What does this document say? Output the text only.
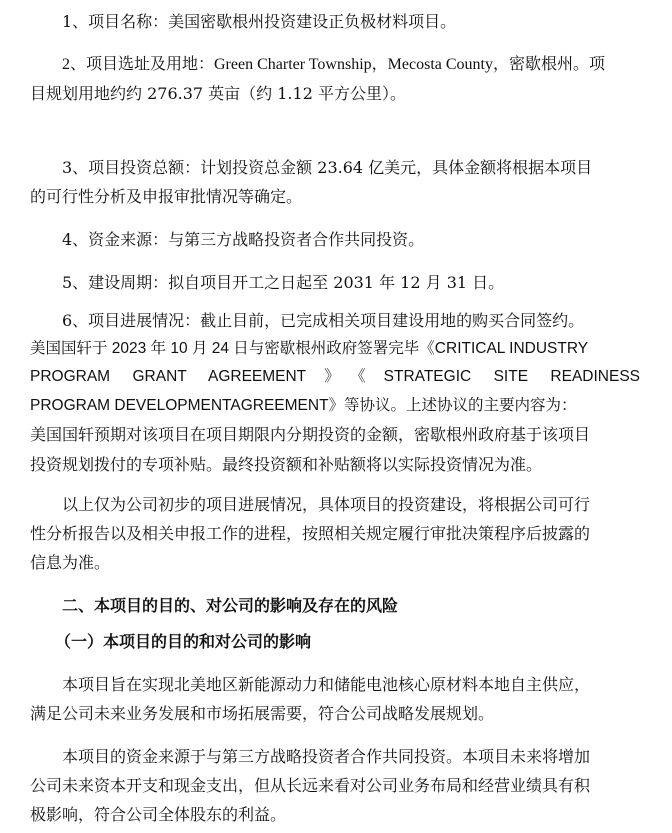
1、项目名称：美国密歇根州投资建设正负极材料项目。
2、项目选址及用地：Green Charter Township，Mecosta County，密歇根州。项
目规划用地约约 276.37 英亩（约 1.12 平方公里）。
3、项目投资总额：计划投资总金额 23.64 亿美元，具体金额将根据本项目
的可行性分析及申报审批情况等确定。
4、资金来源：与第三方战略投资者合作共同投资。
5、建设周期：拟自项目开工之日起至 2031 年 12 月 31 日。
6、项目进展情况：截止目前，已完成相关项目建设用地的购买合同签约。
美国国轩于 2023 年 10 月 24 日与密歇根州政府签署完毕《CRITICAL INDUSTRY
PROGRAM GRANT AGREEMENT》《STRATEGIC SITE READINESS
PROGRAM DEVELOPMENTAGREEMENT》等协议。上述协议的主要内容为：
美国国轩预期对该项目在项目期限内分期投资的金额，密歇根州政府基于该项目
投资规划拨付的专项补贴。最终投资额和补贴额将以实际投资情况为准。
以上仅为公司初步的项目进展情况，具体项目的投资建设，将根据公司可行
性分析报告以及相关申报工作的进程，按照相关规定履行审批决策程序后披露的
信息为准。
二、本项目的目的、对公司的影响及存在的风险
（一）本项目的目的和对公司的影响
本项目旨在实现北美地区新能源动力和储能电池核心原材料本地自主供应，
满足公司未来业务发展和市场拓展需要，符合公司战略发展规划。
本项目的资金来源于与第三方战略投资者合作共同投资。本项目未来将增加
公司未来资本开支和现金支出，但从长远来看对公司业务布局和经营业绩具有积
极影响，符合公司全体股东的利益。
